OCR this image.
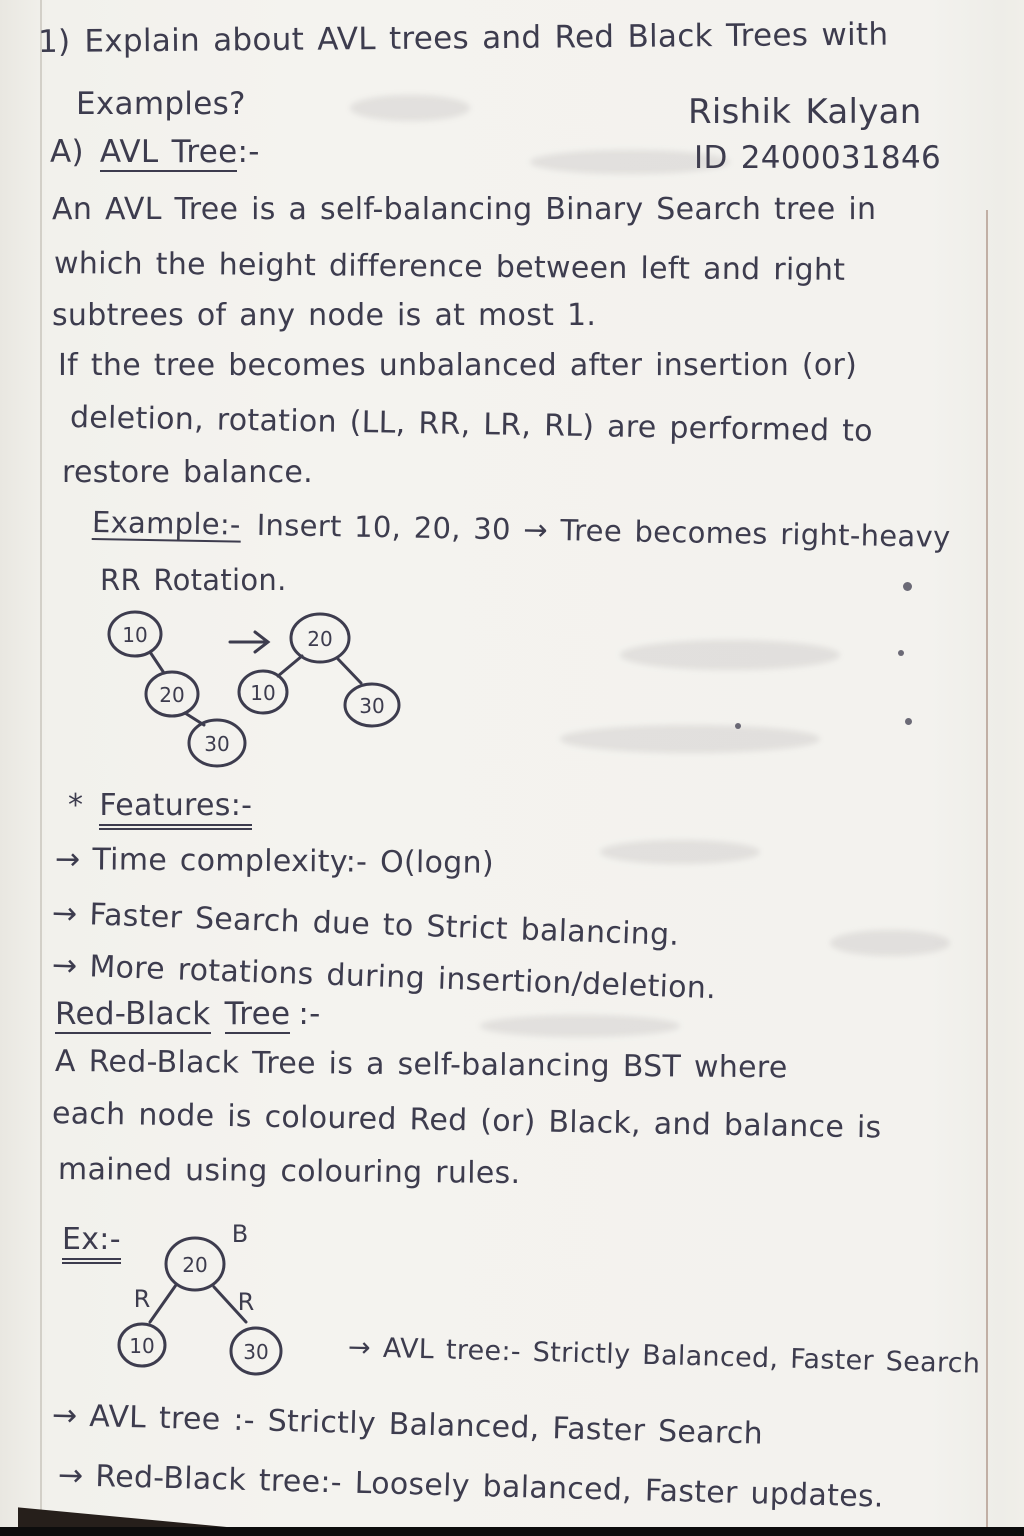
1) Explain about AVL trees and Red Black Trees with
Examples?	Rishik Kalyan
ID 2400031846
A) AVL Tree:-
An AVL Tree is a self-balancing Binary Search tree in
which the height difference between left and right
subtrees of any node is at most 1.
If the tree becomes unbalanced after insertion (or)
deletion, rotation (LL, RR, LR, RL) are performed to
restore balance.
Example:- Insert 10, 20, 30 → Tree becomes right-heavy
RR Rotation.
10
20
30
20
10
30
* Features:-
→ Time complexity:- O(logn)
→ Faster Search due to Strict balancing.
→ More rotations during insertion/deletion.
Red-Black Tree :-
A Red-Black Tree is a self-balancing BST where
each node is coloured Red (or) Black, and balance is
mained using colouring rules.
Ex:-
20
B
R	R
10	30	→ AVL tree:- Strictly Balanced, Faster Search
→ AVL tree :- Strictly Balanced, Faster Search
→ Red-Black tree:- Loosely balanced, Faster updates.
